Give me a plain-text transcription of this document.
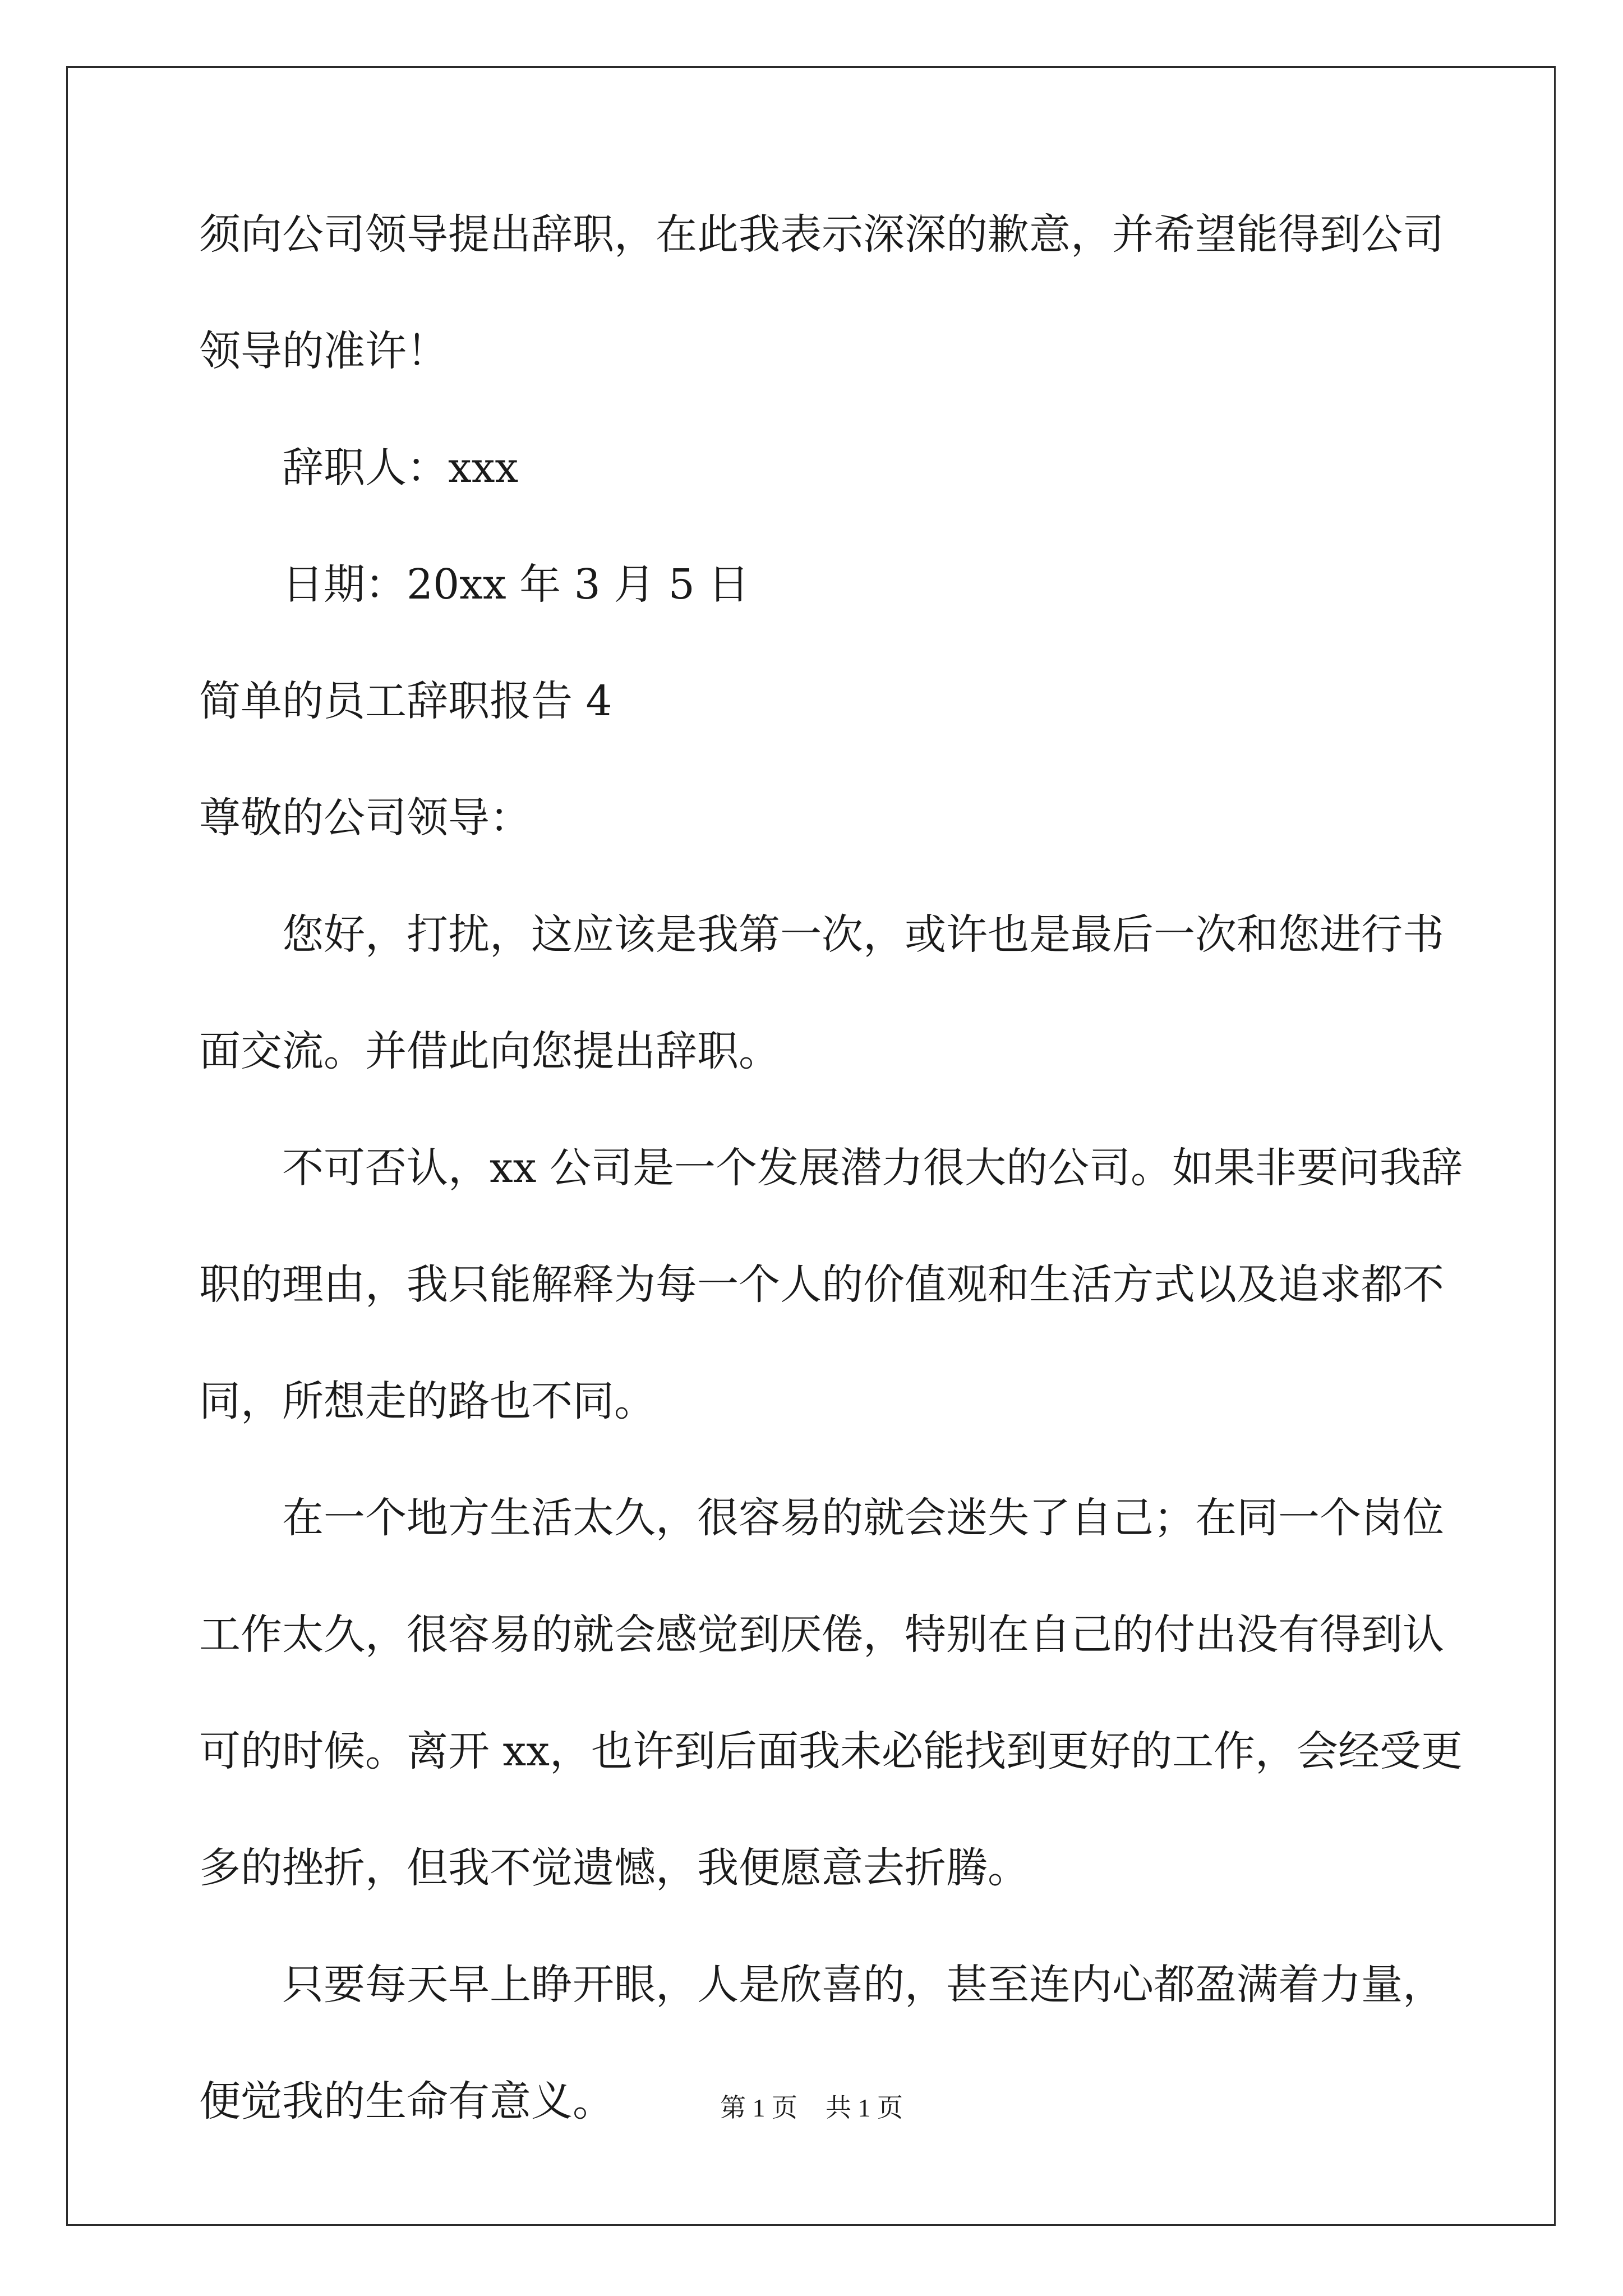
须向公司领导提出辞职，在此我表示深深的歉意，并希望能得到公司
领导的准许！
辞职人：xxx
日期：20xx 年 3 月 5 日
简单的员工辞职报告 4
尊敬的公司领导：
您好，打扰，这应该是我第一次，或许也是最后一次和您进行书
面交流。并借此向您提出辞职。
不可否认，xx 公司是一个发展潜力很大的公司。如果非要问我辞
职的理由，我只能解释为每一个人的价值观和生活方式以及追求都不
同，所想走的路也不同。
在一个地方生活太久，很容易的就会迷失了自己；在同一个岗位
工作太久，很容易的就会感觉到厌倦，特别在自己的付出没有得到认
可的时候。离开 xx，也许到后面我未必能找到更好的工作，会经受更
多的挫折，但我不觉遗憾，我便愿意去折腾。
只要每天早上睁开眼，人是欣喜的，甚至连内心都盈满着力量，
便觉我的生命有意义。	第 1 页 共 1 页
